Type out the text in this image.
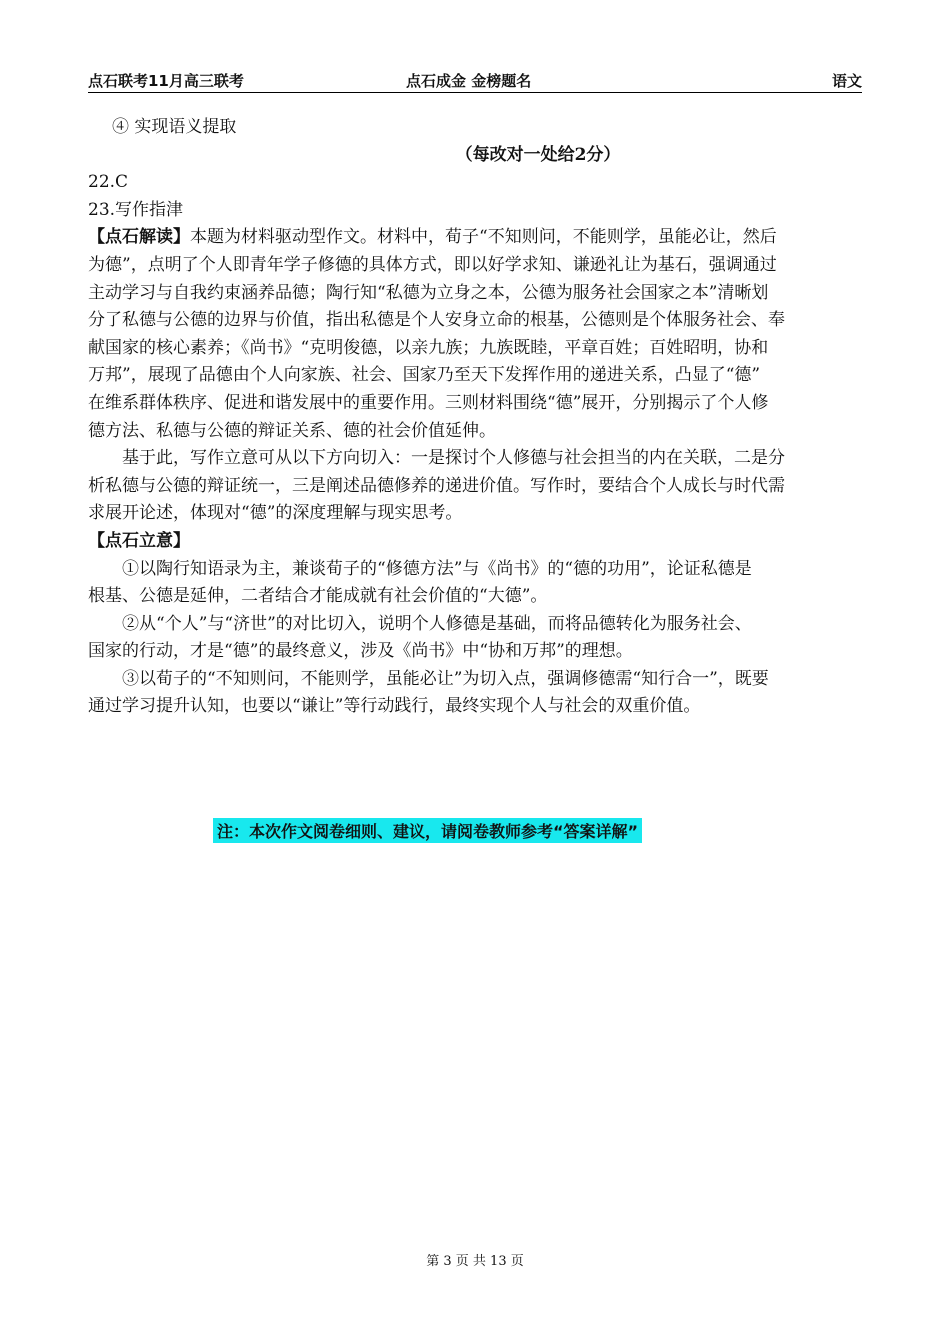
点石联考11月高三联考	点石成金 金榜题名	语文
④ 实现语义提取
（每改对一处给2分）
22.C
23.写作指津
【点石解读】本题为材料驱动型作文。材料中，荀子“不知则问，不能则学，虽能必让，然后
为德”，点明了个人即青年学子修德的具体方式，即以好学求知、谦逊礼让为基石，强调通过
主动学习与自我约束涵养品德；陶行知“私德为立身之本，公德为服务社会国家之本”清晰划
分了私德与公德的边界与价值，指出私德是个人安身立命的根基，公德则是个体服务社会、奉
献国家的核心素养；《尚书》“克明俊德，以亲九族；九族既睦，平章百姓；百姓昭明，协和
万邦”，展现了品德由个人向家族、社会、国家乃至天下发挥作用的递进关系，凸显了“德”
在维系群体秩序、促进和谐发展中的重要作用。三则材料围绕“德”展开，分别揭示了个人修
德方法、私德与公德的辩证关系、德的社会价值延伸。
基于此，写作立意可从以下方向切入：一是探讨个人修德与社会担当的内在关联，二是分
析私德与公德的辩证统一，三是阐述品德修养的递进价值。写作时，要结合个人成长与时代需
求展开论述，体现对“德”的深度理解与现实思考。
【点石立意】
①以陶行知语录为主，兼谈荀子的“修德方法”与《尚书》的“德的功用”，论证私德是
根基、公德是延伸，二者结合才能成就有社会价值的“大德”。
②从“个人”与“济世”的对比切入，说明个人修德是基础，而将品德转化为服务社会、
国家的行动，才是“德”的最终意义，涉及《尚书》中“协和万邦”的理想。
③以荀子的“不知则问，不能则学，虽能必让”为切入点，强调修德需“知行合一”，既要
通过学习提升认知，也要以“谦让”等行动践行，最终实现个人与社会的双重价值。
注：本次作文阅卷细则、建议，请阅卷教师参考“答案详解”
第 3 页 共 13 页
